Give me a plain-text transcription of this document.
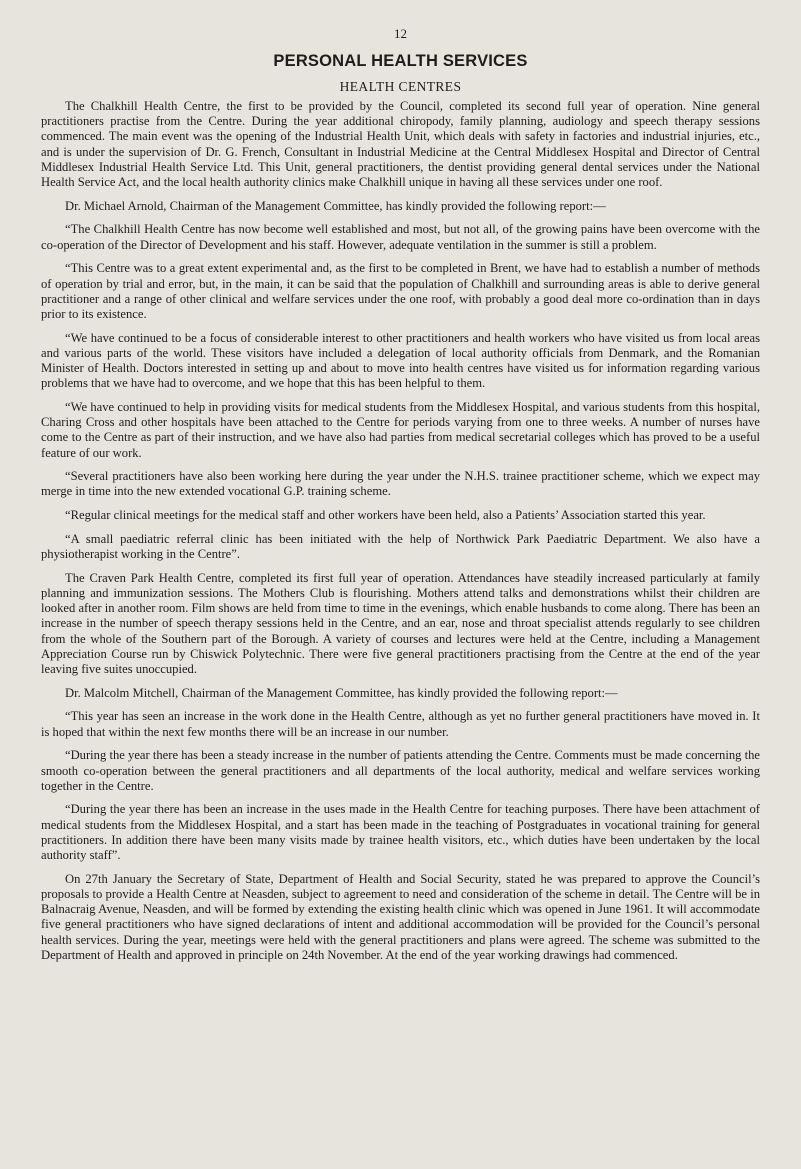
12
PERSONAL HEALTH SERVICES
HEALTH CENTRES

The Chalkhill Health Centre, the first to be provided by the Council, completed its second full year of operation. Nine general practitioners practise from the Centre. During the year additional chiropody, family planning, audiology and speech therapy sessions commenced. The main event was the opening of the Industrial Health Unit, which deals with safety in factories and industrial injuries, etc., and is under the supervision of Dr. G. French, Consultant in Industrial Medicine at the Central Middlesex Hospital and Director of Central Middlesex Industrial Health Service Ltd. This Unit, general practitioners, the dentist providing general dental services under the National Health Service Act, and the local health authority clinics make Chalkhill unique in having all these services under one roof.

Dr. Michael Arnold, Chairman of the Management Committee, has kindly provided the following report:—

“The Chalkhill Health Centre has now become well established and most, but not all, of the growing pains have been overcome with the co-operation of the Director of Development and his staff. However, adequate ventilation in the summer is still a problem.

“This Centre was to a great extent experimental and, as the first to be completed in Brent, we have had to establish a number of methods of operation by trial and error, but, in the main, it can be said that the population of Chalkhill and surrounding areas is able to derive general practitioner and a range of other clinical and welfare services under the one roof, with probably a good deal more co-ordination than in days prior to its existence.

“We have continued to be a focus of considerable interest to other practitioners and health workers who have visited us from local areas and various parts of the world. These visitors have included a delegation of local authority officials from Denmark, and the Romanian Minister of Health. Doctors interested in setting up and about to move into health centres have visited us for information regarding various problems that we have had to overcome, and we hope that this has been helpful to them.

“We have continued to help in providing visits for medical students from the Middlesex Hospital, and various students from this hospital, Charing Cross and other hospitals have been attached to the Centre for periods varying from one to three weeks. A number of nurses have come to the Centre as part of their instruction, and we have also had parties from medical secretarial colleges which has proved to be a useful feature of our work.

“Several practitioners have also been working here during the year under the N.H.S. trainee practitioner scheme, which we expect may merge in time into the new extended vocational G.P. training scheme.

“Regular clinical meetings for the medical staff and other workers have been held, also a Patients’ Association started this year.

“A small paediatric referral clinic has been initiated with the help of Northwick Park Paediatric Department. We also have a physiotherapist working in the Centre”.

The Craven Park Health Centre, completed its first full year of operation. Attendances have steadily increased particularly at family planning and immunization sessions. The Mothers Club is flourishing. Mothers attend talks and demonstrations whilst their children are looked after in another room. Film shows are held from time to time in the evenings, which enable husbands to come along. There has been an increase in the number of speech therapy sessions held in the Centre, and an ear, nose and throat specialist attends regularly to see children from the whole of the Southern part of the Borough. A variety of courses and lectures were held at the Centre, including a Management Appreciation Course run by Chiswick Polytechnic. There were five general practitioners practising from the Centre at the end of the year leaving five suites unoccupied.

Dr. Malcolm Mitchell, Chairman of the Management Committee, has kindly provided the following report:—

“This year has seen an increase in the work done in the Health Centre, although as yet no further general practitioners have moved in. It is hoped that within the next few months there will be an increase in our number.

“During the year there has been a steady increase in the number of patients attending the Centre. Comments must be made concerning the smooth co-operation between the general practitioners and all departments of the local authority, medical and welfare services working together in the Centre.

“During the year there has been an increase in the uses made in the Health Centre for teaching purposes. There have been attachment of medical students from the Middlesex Hospital, and a start has been made in the teaching of Postgraduates in vocational training for general practitioners. In addition there have been many visits made by trainee health visitors, etc., which duties have been undertaken by the local authority staff”.

On 27th January the Secretary of State, Department of Health and Social Security, stated he was prepared to approve the Council’s proposals to provide a Health Centre at Neasden, subject to agreement to need and consideration of the scheme in detail. The Centre will be in Balnacraig Avenue, Neasden, and will be formed by extending the existing health clinic which was opened in June 1961. It will accommodate five general practitioners who have signed declarations of intent and additional accommodation will be provided for the Council’s personal health services. During the year, meetings were held with the general practitioners and plans were agreed. The scheme was submitted to the Department of Health and approved in principle on 24th November. At the end of the year working drawings had commenced.
